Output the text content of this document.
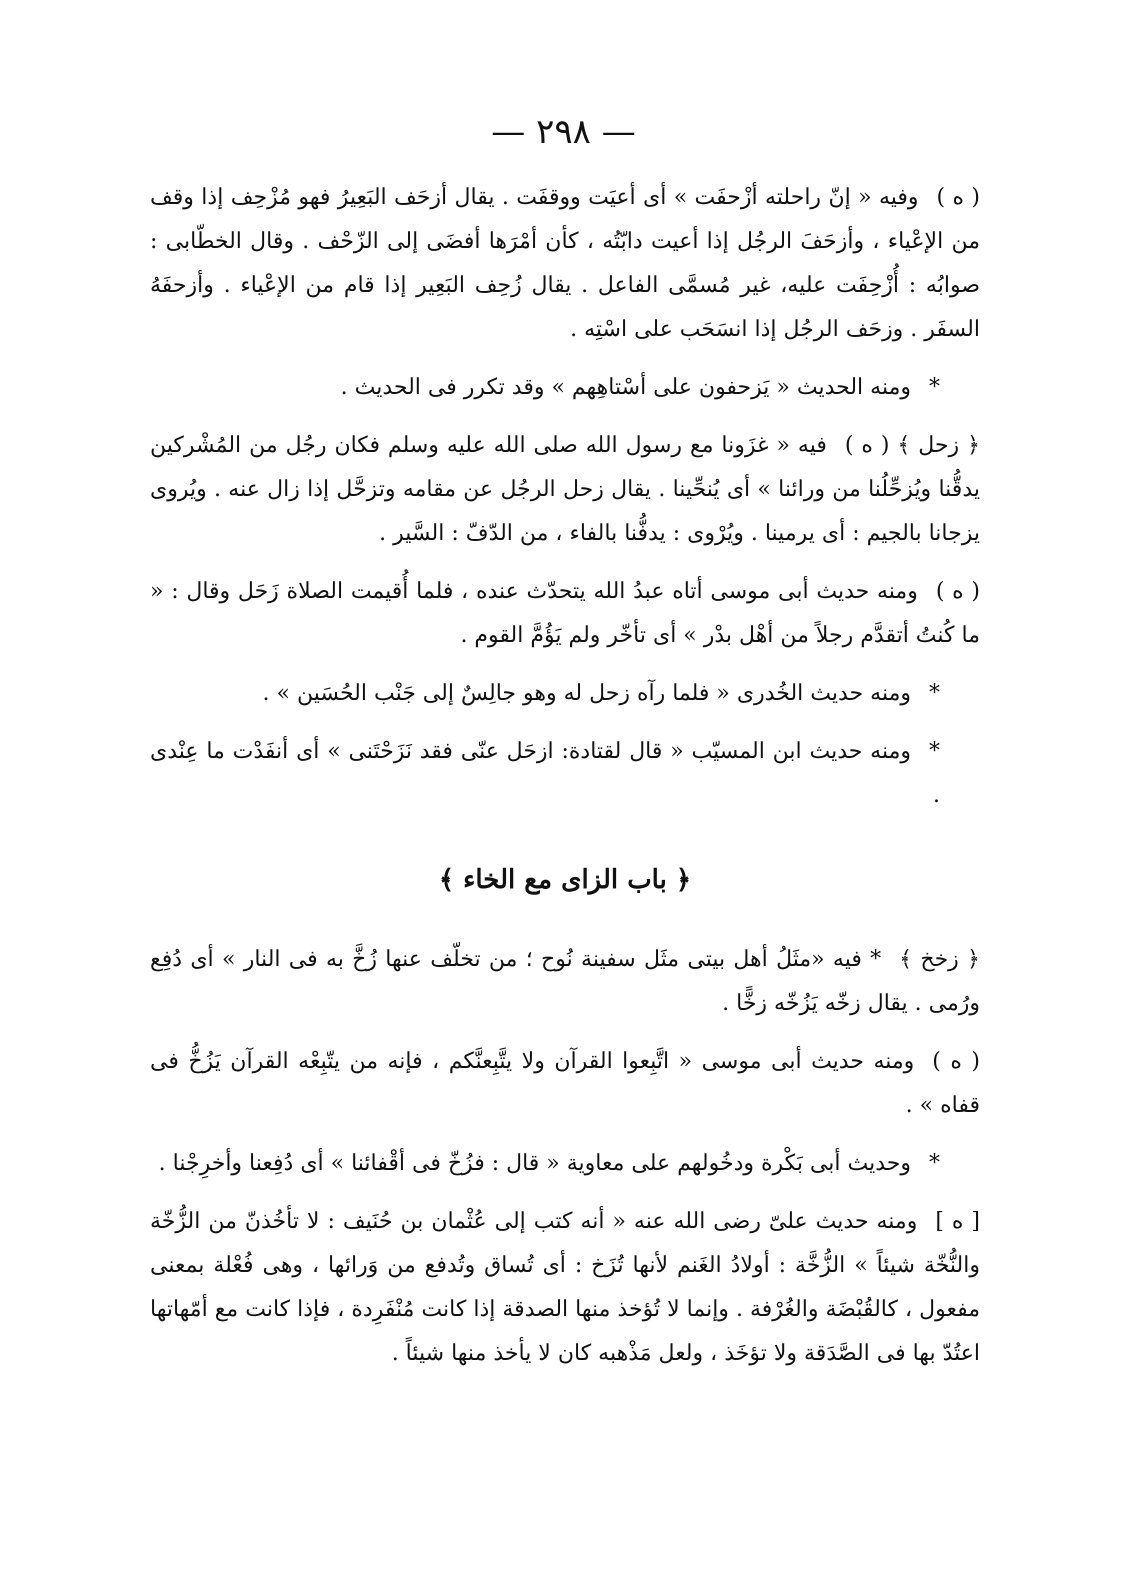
— ٢٩٨ —

( ه )وفيه « إنّ راحلته أزْحفَت » أى أعيَت ووقفَت . يقال أزحَف البَعِيرُ فهو مُزْحِف إذا وقف من الإعْياء ، وأزحَفَ الرجُل إذا أعيت دابّتُه ، كأن أمْرَها أفضَى إلى الزّحْف . وقال الخطّابى : صوابُه : أُزْحِفَت عليه، غير مُسمَّى الفاعل . يقال زُحِف البَعِير إذا قام من الإعْياء . وأزحفَهُ السفَر . وزحَف الرجُل إذا انسَحَب على اسْتِه .

*ومنه الحديث « يَزحفون على أسْتاهِهم » وقد تكرر فى الحديث .

﴿ زحل ﴾ ( ه )فيه « غزَونا مع رسول الله صلى الله عليه وسلم فكان رجُل من المُشْركين يدقُّنا ويُزحِّلُنا من ورائنا » أى يُنحِّينا . يقال زحل الرجُل عن مقامه وتزحَّل إذا زال عنه . ويُروى يزجانا بالجيم : أى يرمينا . ويُرْوى : يدفُّنا بالفاء ، من الدّفّ : السَّير .

( ه )ومنه حديث أبى موسى أتاه عبدُ الله يتحدّث عنده ، فلما أُقيمت الصلاة زَحَل وقال : « ما كُنتُ أتقدَّم رجلاً من أهْل بدْر » أى تأخّر ولم يَؤُمَّ القوم .

*ومنه حديث الخُدرى « فلما رآه زحل له وهو جالِسٌ إلى جَنْب الحُسَين » .

*ومنه حديث ابن المسيّب « قال لقتادة: ازحَل عنّى فقد نَزَحْتَنى » أى أنفَدْت ما عِنْدى .

﴿ باب الزاى مع الخاء ﴾

﴿ زخخ ﴾* فيه «مثَلُ أهل بيتى مثَل سفينة نُوح ؛ من تخلّف عنها زُخَّ به فى النار » أى دُفِع ورُمى . يقال زخّه يَزُخّه زخًّا .

( ه )ومنه حديث أبى موسى « اتَّبِعوا القرآن ولا يتَّبِعنَّكم ، فإنه من يتّبِعْه القرآن يَزُخُّ فى قفاه » .

*وحديث أبى بَكْرة ودخُولهم على معاوية « قال : فزُخّ فى أقْفائنا » أى دُفِعنا وأخرِجْنا .

[ ه ]ومنه حديث علىّ رضى الله عنه « أنه كتب إلى عُثْمان بن حُنَيف : لا تأخُذنّ من الزُّخّة والنُّخّة شيئاً » الزُّخَّة : أولادُ الغَنم لأنها تُزَخ : أى تُساق وتُدفع من وَرائها ، وهى فُعْلة بمعنى مفعول ، كالقُبْضَة والغُرْفة . وإنما لا تُؤخذ منها الصدقة إذا كانت مُنْفَرِدة ، فإذا كانت مع أمّهاتها اعتُدّ بها فى الصَّدَقة ولا تؤخَذ ، ولعل مَذْهبه كان لا يأخذ منها شيئاً .
